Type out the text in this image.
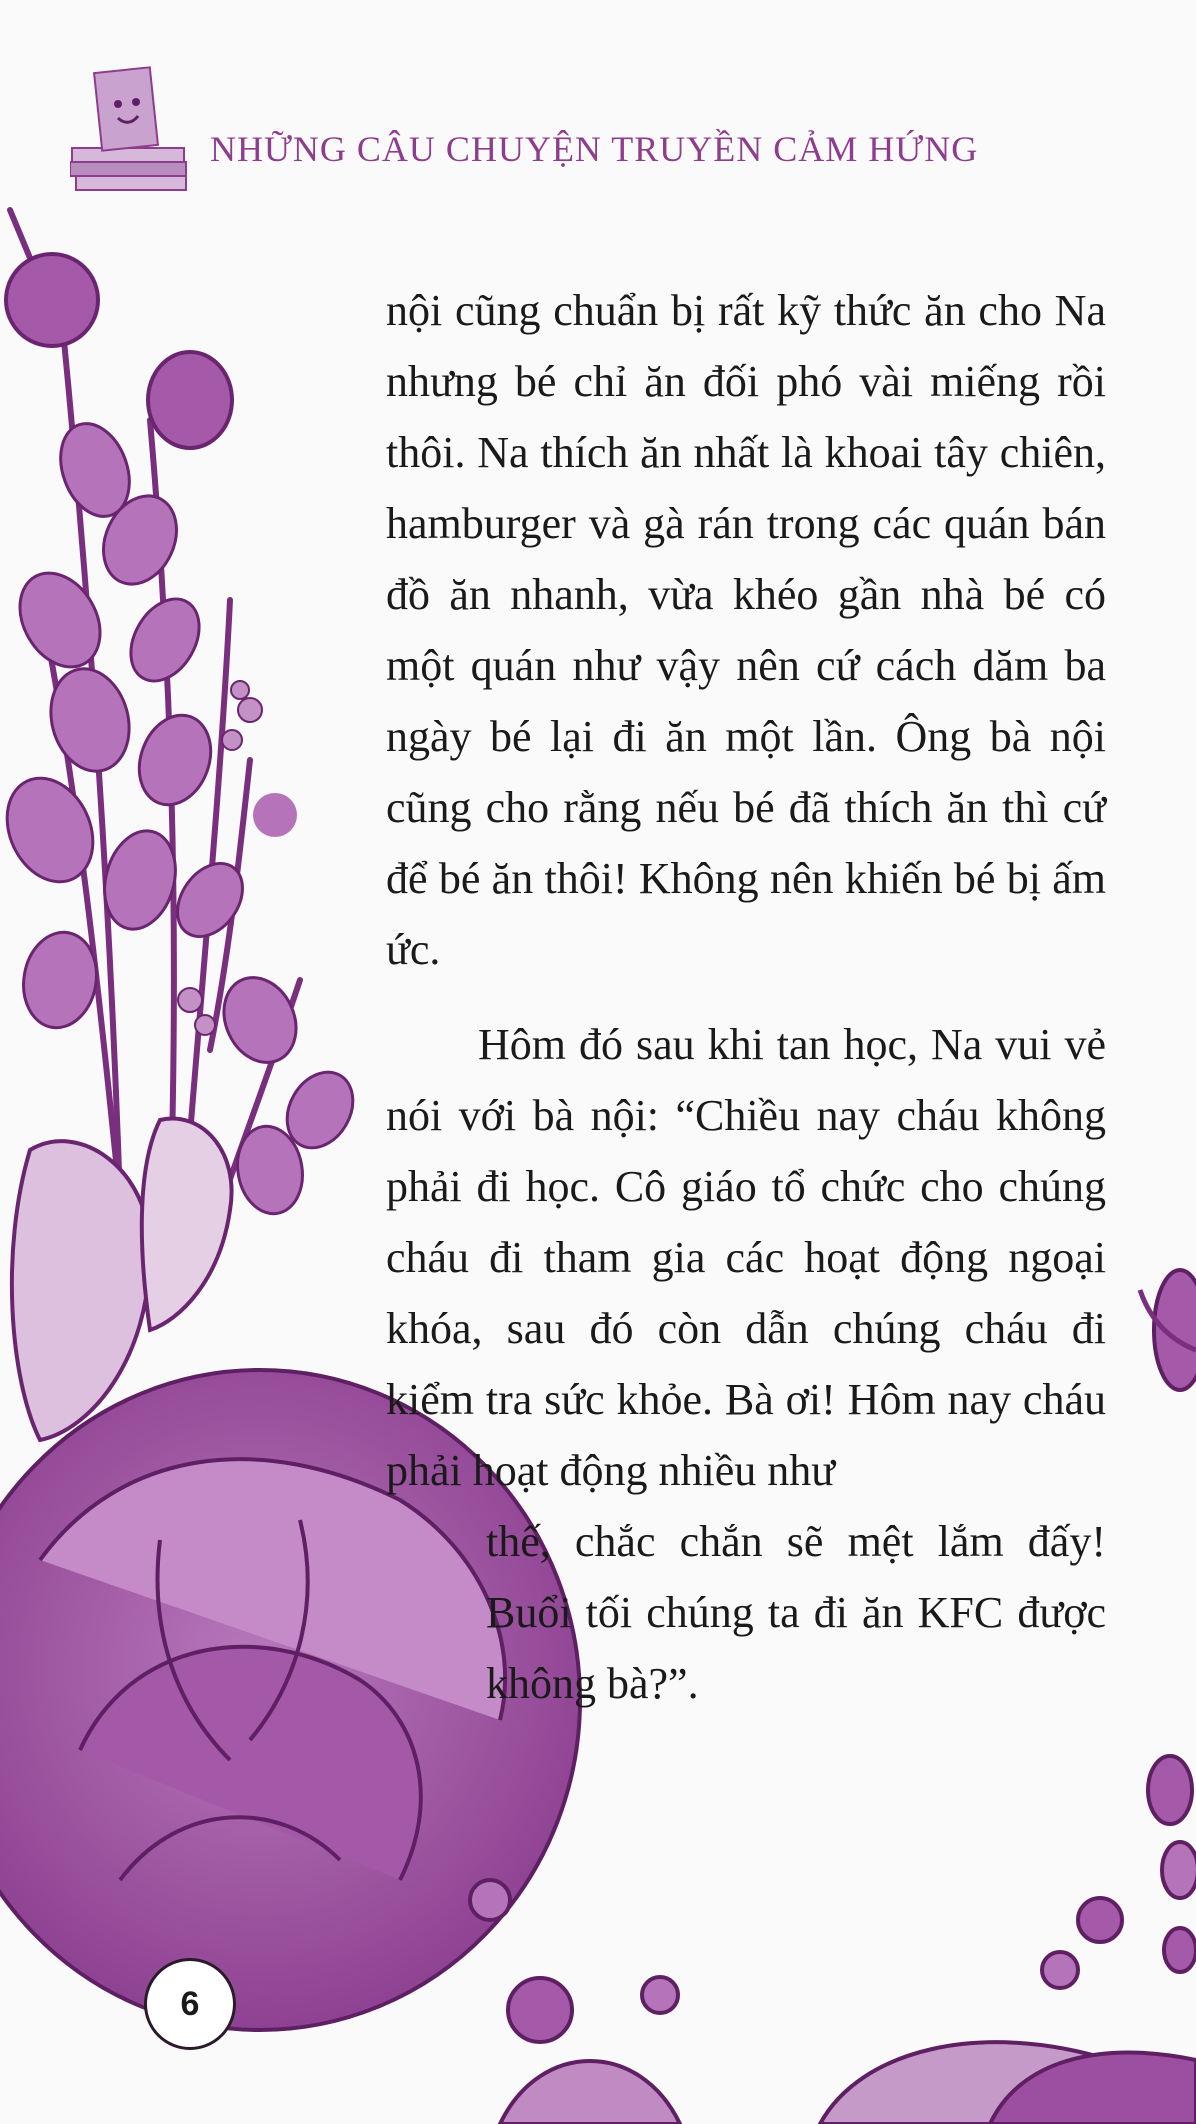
NHỮNG CÂU CHUYỆN TRUYỀN CẢM HỨNG

nội cũng chuẩn bị rất kỹ thức ăn cho Na nhưng bé chỉ ăn đối phó vài miếng rồi thôi. Na thích ăn nhất là khoai tây chiên, hamburger và gà rán trong các quán bán đồ ăn nhanh, vừa khéo gần nhà bé có một quán như vậy nên cứ cách dăm ba ngày bé lại đi ăn một lần. Ông bà nội cũng cho rằng nếu bé đã thích ăn thì cứ để bé ăn thôi! Không nên khiến bé bị ấm ức.

Hôm đó sau khi tan học, Na vui vẻ nói với bà nội: “Chiều nay cháu không phải đi học. Cô giáo tổ chức cho chúng cháu đi tham gia các hoạt động ngoại khóa, sau đó còn dẫn chúng cháu đi kiểm tra sức khỏe. Bà ơi! Hôm nay cháu phải hoạt động nhiều như

thế, chắc chắn sẽ mệt lắm đấy! Buổi tối chúng ta đi ăn KFC được không bà?”.

6
